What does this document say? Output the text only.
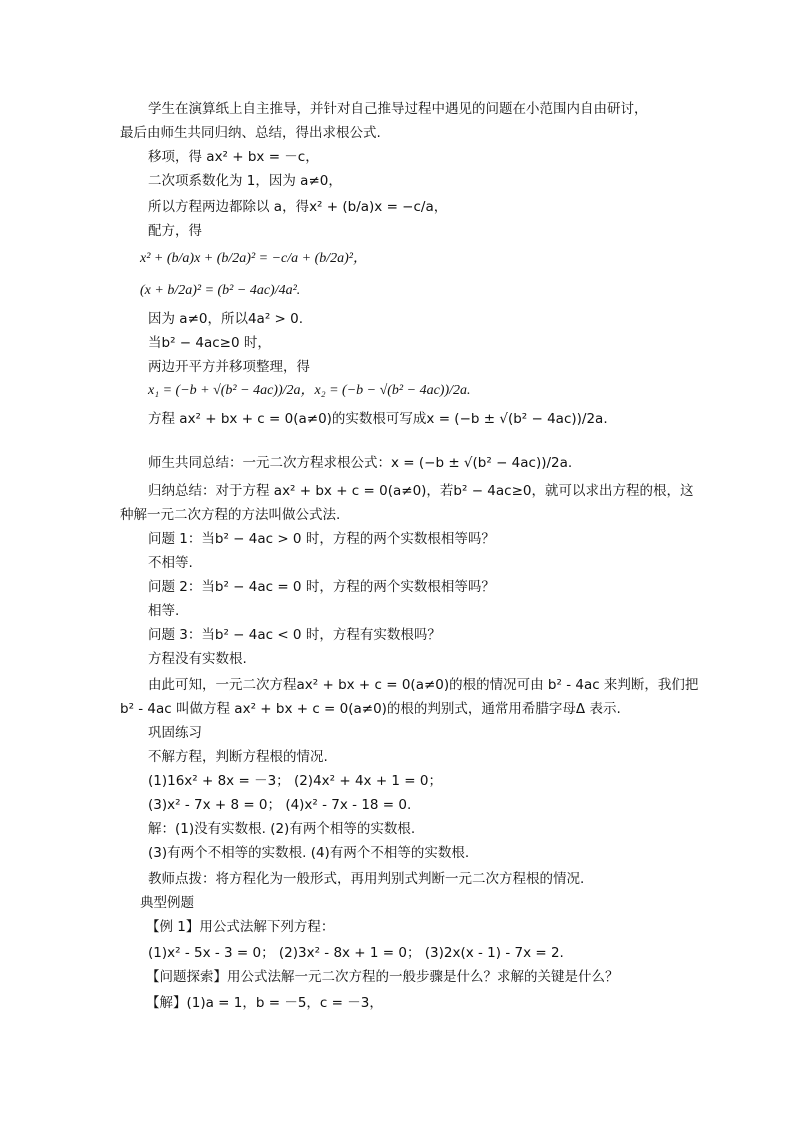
学生在演算纸上自主推导，并针对自己推导过程中遇见的问题在小范围内自由研讨，
最后由师生共同归纳、总结，得出求根公式.
移项，得 ax² + bx = －c，
二次项系数化为 1，因为 a≠0，
所以方程两边都除以 a，得x² + (b/a)x = −c/a，
配方，得
x² + (b/a)x + (b/2a)² = −c/a + (b/2a)²，
(x + b/2a)² = (b² − 4ac)/4a².
因为 a≠0，所以4a² > 0.
当b² − 4ac≥0 时，
两边开平方并移项整理，得
x₁ = (−b + √(b² − 4ac))/2a，x₂ = (−b − √(b² − 4ac))/2a.
方程 ax² + bx + c = 0(a≠0)的实数根可写成x = (−b ± √(b² − 4ac))/2a.
师生共同总结：一元二次方程求根公式：x = (−b ± √(b² − 4ac))/2a.
归纳总结：对于方程 ax² + bx + c = 0(a≠0)，若b² − 4ac≥0，就可以求出方程的根，这
种解一元二次方程的方法叫做公式法.
问题 1：当b² − 4ac > 0 时，方程的两个实数根相等吗？
不相等.
问题 2：当b² − 4ac = 0 时，方程的两个实数根相等吗？
相等.
问题 3：当b² − 4ac < 0 时，方程有实数根吗？
方程没有实数根.
由此可知，一元二次方程ax² + bx + c = 0(a≠0)的根的情况可由 b² - 4ac 来判断，我们把
b² - 4ac 叫做方程 ax² + bx + c = 0(a≠0)的根的判别式，通常用希腊字母Δ 表示.
巩固练习
不解方程，判断方程根的情况.
(1)16x² + 8x = －3； (2)4x² + 4x + 1 = 0；
(3)x² - 7x + 8 = 0； (4)x² - 7x - 18 = 0.
解：(1)没有实数根. (2)有两个相等的实数根.
(3)有两个不相等的实数根. (4)有两个不相等的实数根.
教师点拨：将方程化为一般形式，再用判别式判断一元二次方程根的情况.
典型例题
【例 1】用公式法解下列方程：
(1)x² - 5x - 3 = 0； (2)3x² - 8x + 1 = 0； (3)2x(x - 1) - 7x = 2.
【问题探索】用公式法解一元二次方程的一般步骤是什么？求解的关键是什么？
【解】(1)a = 1，b = －5，c = －3，
